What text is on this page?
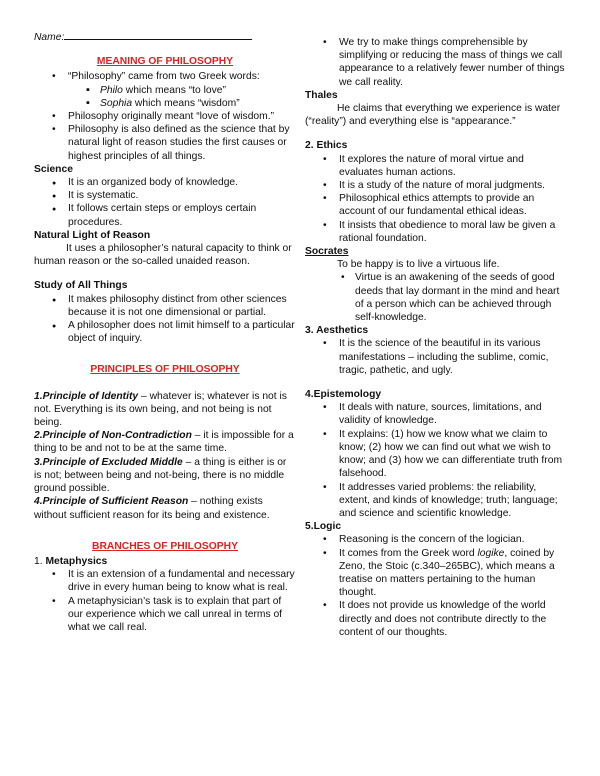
Name:
MEANING OF PHILOSOPHY
• “Philosophy” came from two Greek words:
▪ Philo which means “to love”
▪ Sophia which means “wisdom”
• Philosophy originally meant “love of wisdom.”
• Philosophy is also defined as the science that by natural light of reason studies the first causes or highest principles of all things.
Science
● It is an organized body of knowledge.
● It is systematic.
● It follows certain steps or employs certain procedures.
Natural Light of Reason

It uses a philosopher’s natural capacity to think or human reason or the so-called unaided reason.

Study of All Things
● It makes philosophy distinct from other sciences because it is not one dimensional or partial.
● A philosopher does not limit himself to a particular object of inquiry.
PRINCIPLES OF PHILOSOPHY

1.Principle of Identity – whatever is; whatever is not is not. Everything is its own being, and not being is not being.

2.Principle of Non-Contradiction – it is impossible for a thing to be and not to be at the same time.

3.Principle of Excluded Middle – a thing is either is or is not; between being and not-being, there is no middle ground possible.

4.Principle of Sufficient Reason – nothing exists without sufficient reason for its being and existence.

BRANCHES OF PHILOSOPHY
1. Metaphysics
• It is an extension of a fundamental and necessary drive in every human being to know what is real.
• A metaphysician’s task is to explain that part of our experience which we call unreal in terms of what we call real.
• We try to make things comprehensible by simplifying or reducing the mass of things we call appearance to a relatively fewer number of things we call reality.
Thales

He claims that everything we experience is water (“reality”) and everything else is “appearance.”

2. Ethics
• It explores the nature of moral virtue and evaluates human actions.
• It is a study of the nature of moral judgments.
• Philosophical ethics attempts to provide an account of our fundamental ethical ideas.
• It insists that obedience to moral law be given a rational foundation.
Socrates

To be happy is to live a virtuous life.

• Virtue is an awakening of the seeds of good deeds that lay dormant in the mind and heart of a person which can be achieved through self-knowledge.
3. Aesthetics
• It is the science of the beautiful in its various manifestations – including the sublime, comic, tragic, pathetic, and ugly.
4.Epistemology
• It deals with nature, sources, limitations, and validity of knowledge.
• It explains: (1) how we know what we claim to know; (2) how we can find out what we wish to know; and (3) how we can differentiate truth from falsehood.
• It addresses varied problems: the reliability, extent, and kinds of knowledge; truth; language; and science and scientific knowledge.
5.Logic
• Reasoning is the concern of the logician.
• It comes from the Greek word logike, coined by Zeno, the Stoic (c.340–265BC), which means a treatise on matters pertaining to the human thought.
• It does not provide us knowledge of the world directly and does not contribute directly to the content of our thoughts.
